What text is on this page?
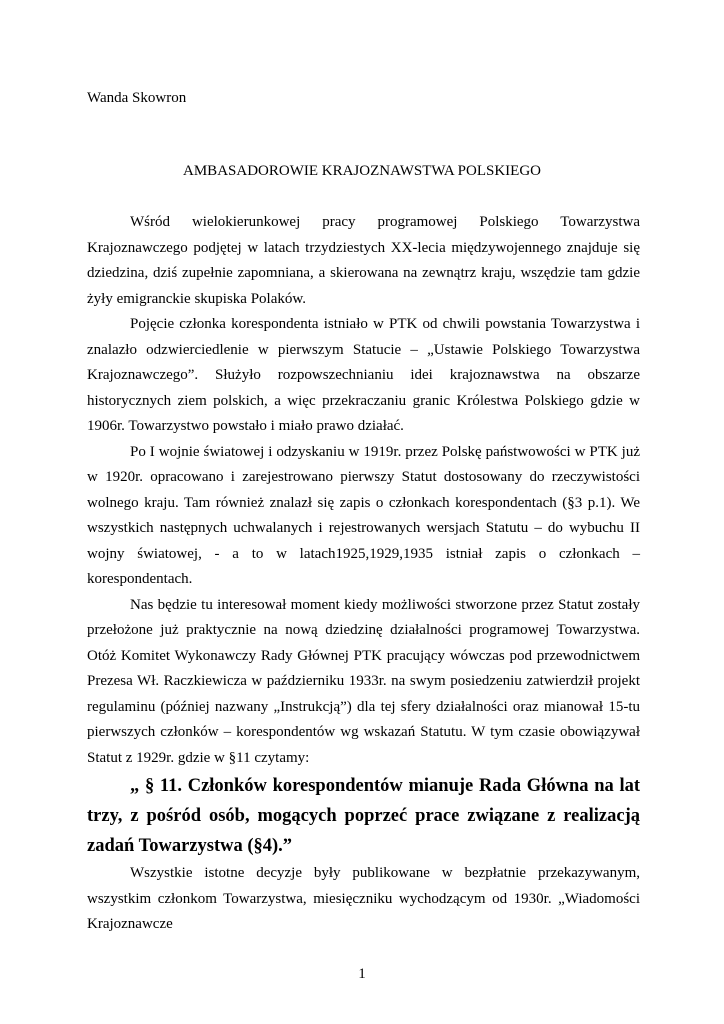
Wanda Skowron
AMBASADOROWIE KRAJOZNAWSTWA POLSKIEGO

Wśród wielokierunkowej pracy programowej Polskiego Towarzystwa Krajoznawczego podjętej w latach trzydziestych XX-lecia międzywojennego znajduje się dziedzina, dziś zupełnie zapomniana, a skierowana na zewnątrz kraju, wszędzie tam gdzie żyły emigranckie skupiska Polaków.

Pojęcie członka korespondenta istniało w PTK od chwili powstania Towarzystwa i znalazło odzwierciedlenie w pierwszym Statucie – „Ustawie Polskiego Towarzystwa Krajoznawczego”. Służyło rozpowszechnianiu idei krajoznawstwa na obszarze historycznych ziem polskich, a więc przekraczaniu granic Królestwa Polskiego gdzie w 1906r. Towarzystwo powstało i miało prawo działać.

Po I wojnie światowej i odzyskaniu w 1919r. przez Polskę państwowości w PTK już w 1920r. opracowano i zarejestrowano pierwszy Statut dostosowany do rzeczywistości wolnego kraju. Tam również znalazł się zapis o członkach korespondentach (§3 p.1). We wszystkich następnych uchwalanych i rejestrowanych wersjach Statutu – do wybuchu II wojny światowej, - a to w latach1925,1929,1935 istniał zapis o członkach – korespondentach.

Nas będzie tu interesował moment kiedy możliwości stworzone przez Statut zostały przełożone już praktycznie na nową dziedzinę działalności programowej Towarzystwa. Otóż Komitet Wykonawczy Rady Głównej PTK pracujący wówczas pod przewodnictwem Prezesa Wł. Raczkiewicza w październiku 1933r. na swym posiedzeniu zatwierdził projekt regulaminu (później nazwany „Instrukcją”) dla tej sfery działalności oraz mianował 15-tu pierwszych członków – korespondentów wg wskazań Statutu. W tym czasie obowiązywał Statut z 1929r. gdzie w §11 czytamy:

„ § 11. Członków korespondentów mianuje Rada Główna na lat trzy, z pośród osób, mogących poprzeć prace związane z realizacją zadań Towarzystwa (§4).”

Wszystkie istotne decyzje były publikowane w bezpłatnie przekazywanym, wszystkim członkom Towarzystwa, miesięczniku wychodzącym od 1930r. „Wiadomości Krajoznawcze

1
